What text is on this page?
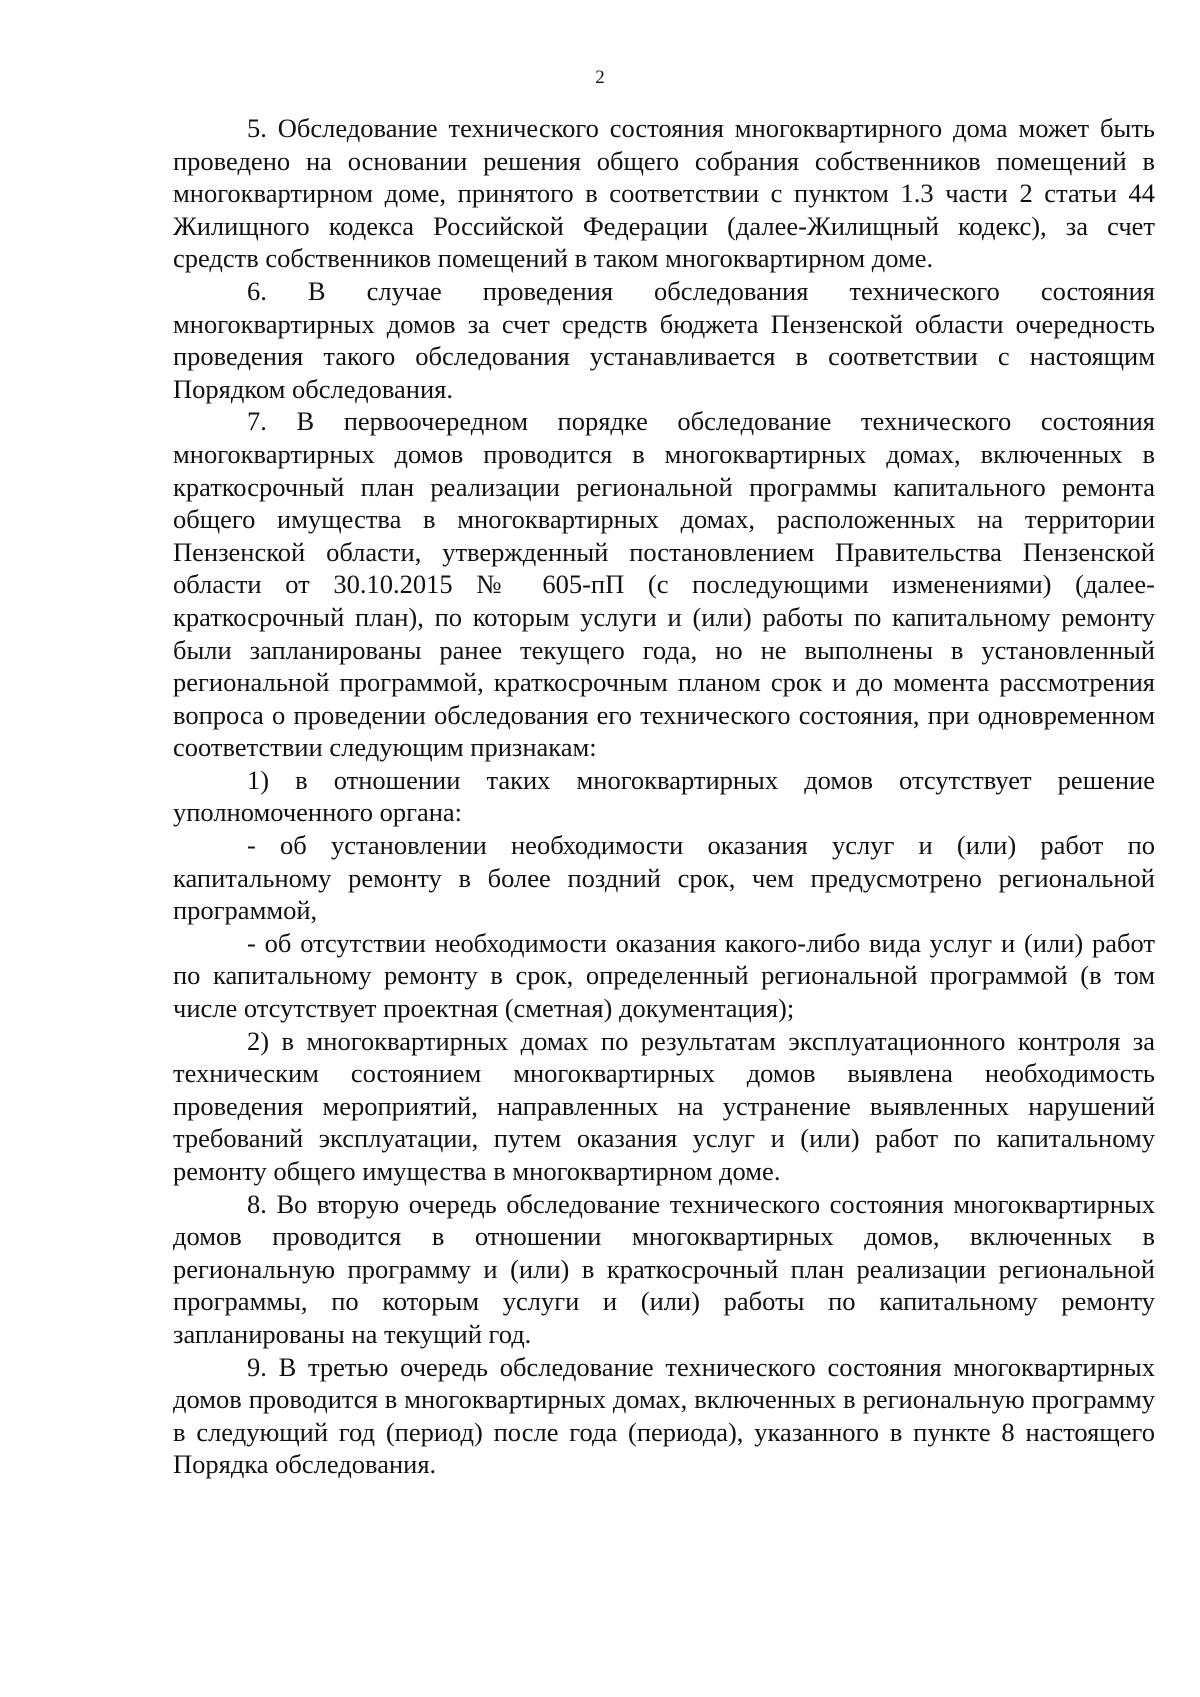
2

5. Обследование технического состояния многоквартирного дома может быть проведено на основании решения общего собрания собственников помещений в многоквартирном доме, принятого в соответствии с пунктом 1.3 части 2 статьи 44 Жилищного кодекса Российской Федерации (далее-Жилищный кодекс), за счет средств собственников помещений в таком многоквартирном доме.

6. В случае проведения обследования технического состояния многоквартирных домов за счет средств бюджета Пензенской области очередность проведения такого обследования устанавливается в соответствии с настоящим Порядком обследования.

7. В первоочередном порядке обследование технического состояния многоквартирных домов проводится в многоквартирных домах, включенных в краткосрочный план реализации региональной программы капитального ремонта общего имущества в многоквартирных домах, расположенных на территории Пензенской области, утвержденный постановлением Правительства Пензенской области от 30.10.2015 № 605-пП (с последующими изменениями) (далее-краткосрочный план), по которым услуги и (или) работы по капитальному ремонту были запланированы ранее текущего года, но не выполнены в установленный региональной программой, краткосрочным планом срок и до момента рассмотрения вопроса о проведении обследования его технического состояния, при одновременном соответствии следующим признакам:

1) в отношении таких многоквартирных домов отсутствует решение уполномоченного органа:

- об установлении необходимости оказания услуг и (или) работ по капитальному ремонту в более поздний срок, чем предусмотрено региональной программой,

- об отсутствии необходимости оказания какого-либо вида услуг и (или) работ по капитальному ремонту в срок, определенный региональной программой (в том числе отсутствует проектная (сметная) документация);

2) в многоквартирных домах по результатам эксплуатационного контроля за техническим состоянием многоквартирных домов выявлена необходимость проведения мероприятий, направленных на устранение выявленных нарушений требований эксплуатации, путем оказания услуг и (или) работ по капитальному ремонту общего имущества в многоквартирном доме.

8. Во вторую очередь обследование технического состояния многоквартирных домов проводится в отношении многоквартирных домов, включенных в региональную программу и (или) в краткосрочный план реализации региональной программы, по которым услуги и (или) работы по капитальному ремонту запланированы на текущий год.

9. В третью очередь обследование технического состояния многоквартирных домов проводится в многоквартирных домах, включенных в региональную программу в следующий год (период) после года (периода), указанного в пункте 8 настоящего Порядка обследования.
